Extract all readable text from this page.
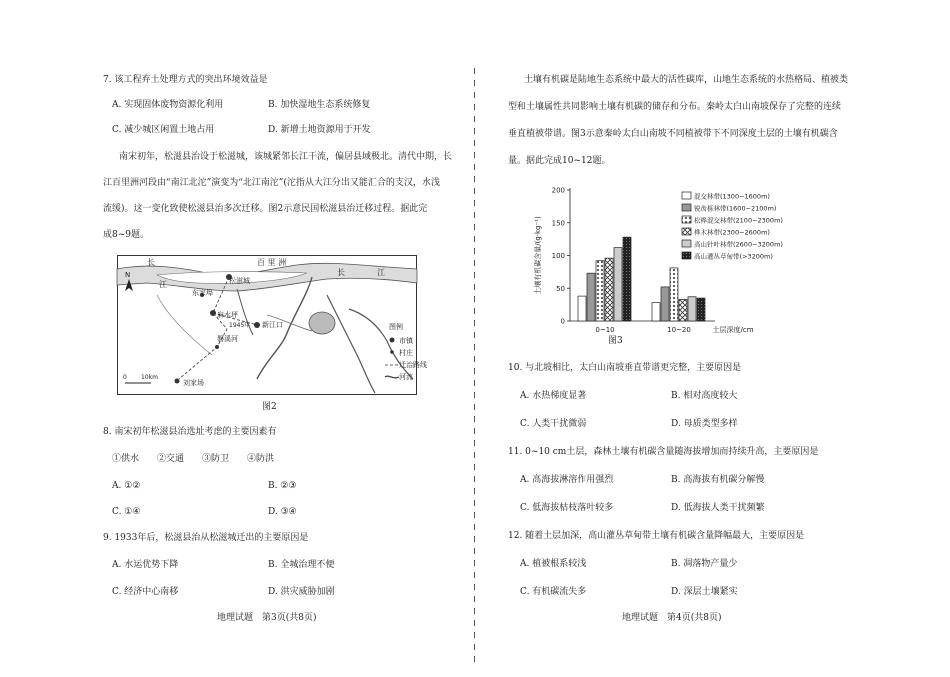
7. 该工程弃土处理方式的突出环境效益是
A. 实现固体废物资源化利用	B. 加快湿地生态系统修复
C. 减少城区闲置土地占用	D. 新增土地资源用于开发
南宋初年，松滋县治设于松滋城，该城紧邻长江干流，偏居县域极北。清代中期，长
江百里洲河段由“南江北沱”演变为“北江南沱”(沱指从大江分出又能汇合的支汉，水浅
流缓)。这一变化致使松滋县治多次迁移。图2示意民国松滋县治迁移过程。据此完
成8~9题。
N
0 10km
长
江
百 里 洲
长	江
松滋城
东家埠
麻水坪
1945年 新江口
磐溪河
刘家场
图例
市镇
村庄
迁治路线
河流
图2
8. 南宋初年松滋县治选址考虑的主要因素有
①供水　　②交通　　③防卫　　④防洪
A. ①②	B. ②③
C. ①④	D. ③④
9. 1933年后，松滋县治从松滋城迁出的主要原因是
A. 水运优势下降	B. 全城治理不便
C. 经济中心南移	D. 洪灾威胁加剧
地理试题　第3页(共8页)
土壤有机碳是陆地生态系统中最大的活性碳库，山地生态系统的水热格局、植被类
型和土壤属性共同影响土壤有机碳的储存和分布。秦岭太白山南坡保存了完整的连续
垂直植被带谱。图3示意秦岭太白山南坡不同植被带下不同深度土层的土壤有机碳含
量。据此完成10~12题。
0
50
100
150
200
土壤有机碳含量/(g·kg⁻¹)
0~10	10~20	土层深度/cm
混交林带(1300~1600m)
锐齿栎林带(1600~2100m)
松桦混交林带(2100~2300m)
桦木林带(2300~2600m)
高山针叶林带(2600~3200m)
高山灌丛草甸带(>3200m)
图3
10. 与北坡相比，太白山南坡垂直带谱更完整，主要原因是
A. 水热梯度显著	B. 相对高度较大
C. 人类干扰微弱	D. 母质类型多样
11. 0~10 cm土层，森林土壤有机碳含量随海拔增加而持续升高，主要原因是
A. 高海拔淋溶作用强烈	B. 高海拔有机碳分解慢
C. 低海拔枯枝落叶较多	D. 低海拔人类干扰频繁
12. 随着土层加深，高山灌丛草甸带土壤有机碳含量降幅最大，主要原因是
A. 植被根系较浅	B. 凋落物产量少
C. 有机碳流失多	D. 深层土壤紧实
地理试题　第4页(共8页)
